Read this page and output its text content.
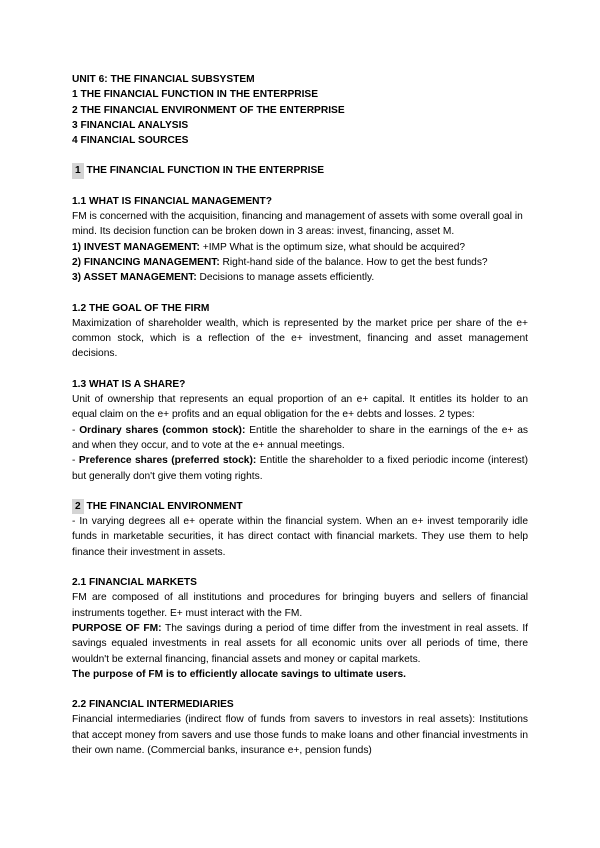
UNIT 6: THE FINANCIAL SUBSYSTEM
1 THE FINANCIAL FUNCTION IN THE ENTERPRISE
2 THE FINANCIAL ENVIRONMENT OF THE ENTERPRISE
3 FINANCIAL ANALYSIS
4 FINANCIAL SOURCES
1 THE FINANCIAL FUNCTION IN THE ENTERPRISE

1.1 WHAT IS FINANCIAL MANAGEMENT?

FM is concerned with the acquisition, financing and management of assets with some overall goal in mind. Its decision function can be broken down in 3 areas: invest, financing, asset M.

1) INVEST MANAGEMENT: +IMP What is the optimum size, what should be acquired?

2) FINANCING MANAGEMENT: Right-hand side of the balance. How to get the best funds?

3) ASSET MANAGEMENT: Decisions to manage assets efficiently.

1.2 THE GOAL OF THE FIRM

Maximization of shareholder wealth, which is represented by the market price per share of the e+ common stock, which is a reflection of the e+ investment, financing and asset management decisions.

1.3 WHAT IS A SHARE?

Unit of ownership that represents an equal proportion of an e+ capital. It entitles its holder to an equal claim on the e+ profits and an equal obligation for the e+ debts and losses. 2 types:

- Ordinary shares (common stock): Entitle the shareholder to share in the earnings of the e+ as and when they occur, and to vote at the e+ annual meetings.

- Preference shares (preferred stock): Entitle the shareholder to a fixed periodic income (interest) but generally don't give them voting rights.

2 THE FINANCIAL ENVIRONMENT

- In varying degrees all e+ operate within the financial system. When an e+ invest temporarily idle funds in marketable securities, it has direct contact with financial markets. They use them to help finance their investment in assets.

2.1 FINANCIAL MARKETS

FM are composed of all institutions and procedures for bringing buyers and sellers of financial instruments together. E+ must interact with the FM.

PURPOSE OF FM: The savings during a period of time differ from the investment in real assets. If savings equaled investments in real assets for all economic units over all periods of time, there wouldn't be external financing, financial assets and money or capital markets.

The purpose of FM is to efficiently allocate savings to ultimate users.

2.2 FINANCIAL INTERMEDIARIES

Financial intermediaries (indirect flow of funds from savers to investors in real assets): Institutions that accept money from savers and use those funds to make loans and other financial investments in their own name. (Commercial banks, insurance e+, pension funds)
